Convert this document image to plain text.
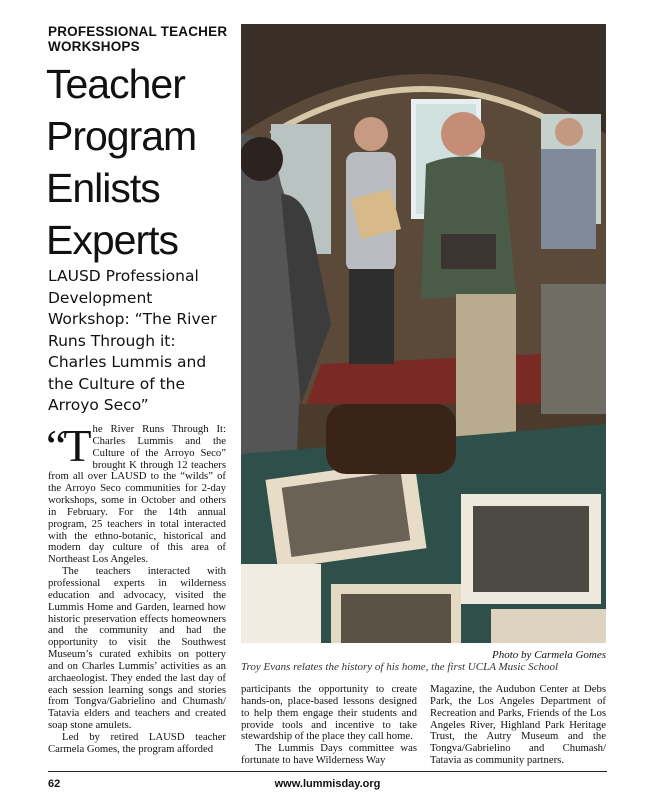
PROFESSIONAL TEACHER WORKSHOPS
Teacher Program Enlists Experts

LAUSD Professional Development Workshop: “The River Runs Through it: Charles Lummis and the Culture of the Arroyo Seco”

Photo by Carmela Gomes
Troy Evans relates the history of his home, the first UCLA Music School

“The River Runs Through It: Charles Lummis and the Culture of the Arroyo Seco” brought K through 12 teachers from all over LAUSD to the “wilds” of the Arroyo Seco communities for 2-day workshops, some in October and others in February. For the 14th annual program, 25 teachers in total interacted with the ethno-botanic, historical and modern day culture of this area of Northeast Los Angeles.

The teachers interacted with professional experts in wilderness education and advocacy, visited the Lummis Home and Garden, learned how historic preservation effects homeowners and the community and had the opportunity to visit the Southwest Museum’s curated exhibits on pottery and on Charles Lummis’ activities as an archaeologist. They ended the last day of each session learning songs and stories from Tongva/Gabrielino and Chumash/ Tatavia elders and teachers and created soap stone amulets.

Led by retired LAUSD teacher Carmela Gomes, the program afforded

participants the opportunity to create hands-on, place-based lessons designed to help them engage their students and provide tools and incentive to take stewardship of the place they call home.

The Lummis Days committee was fortunate to have Wilderness Way

Magazine, the Audubon Center at Debs Park, the Los Angeles Department of Recreation and Parks, Friends of the Los Angeles River, Highland Park Heritage Trust, the Autry Museum and the Tongva/Gabrielino and Chumash/ Tatavia as community partners.

62	www.lummisday.org
